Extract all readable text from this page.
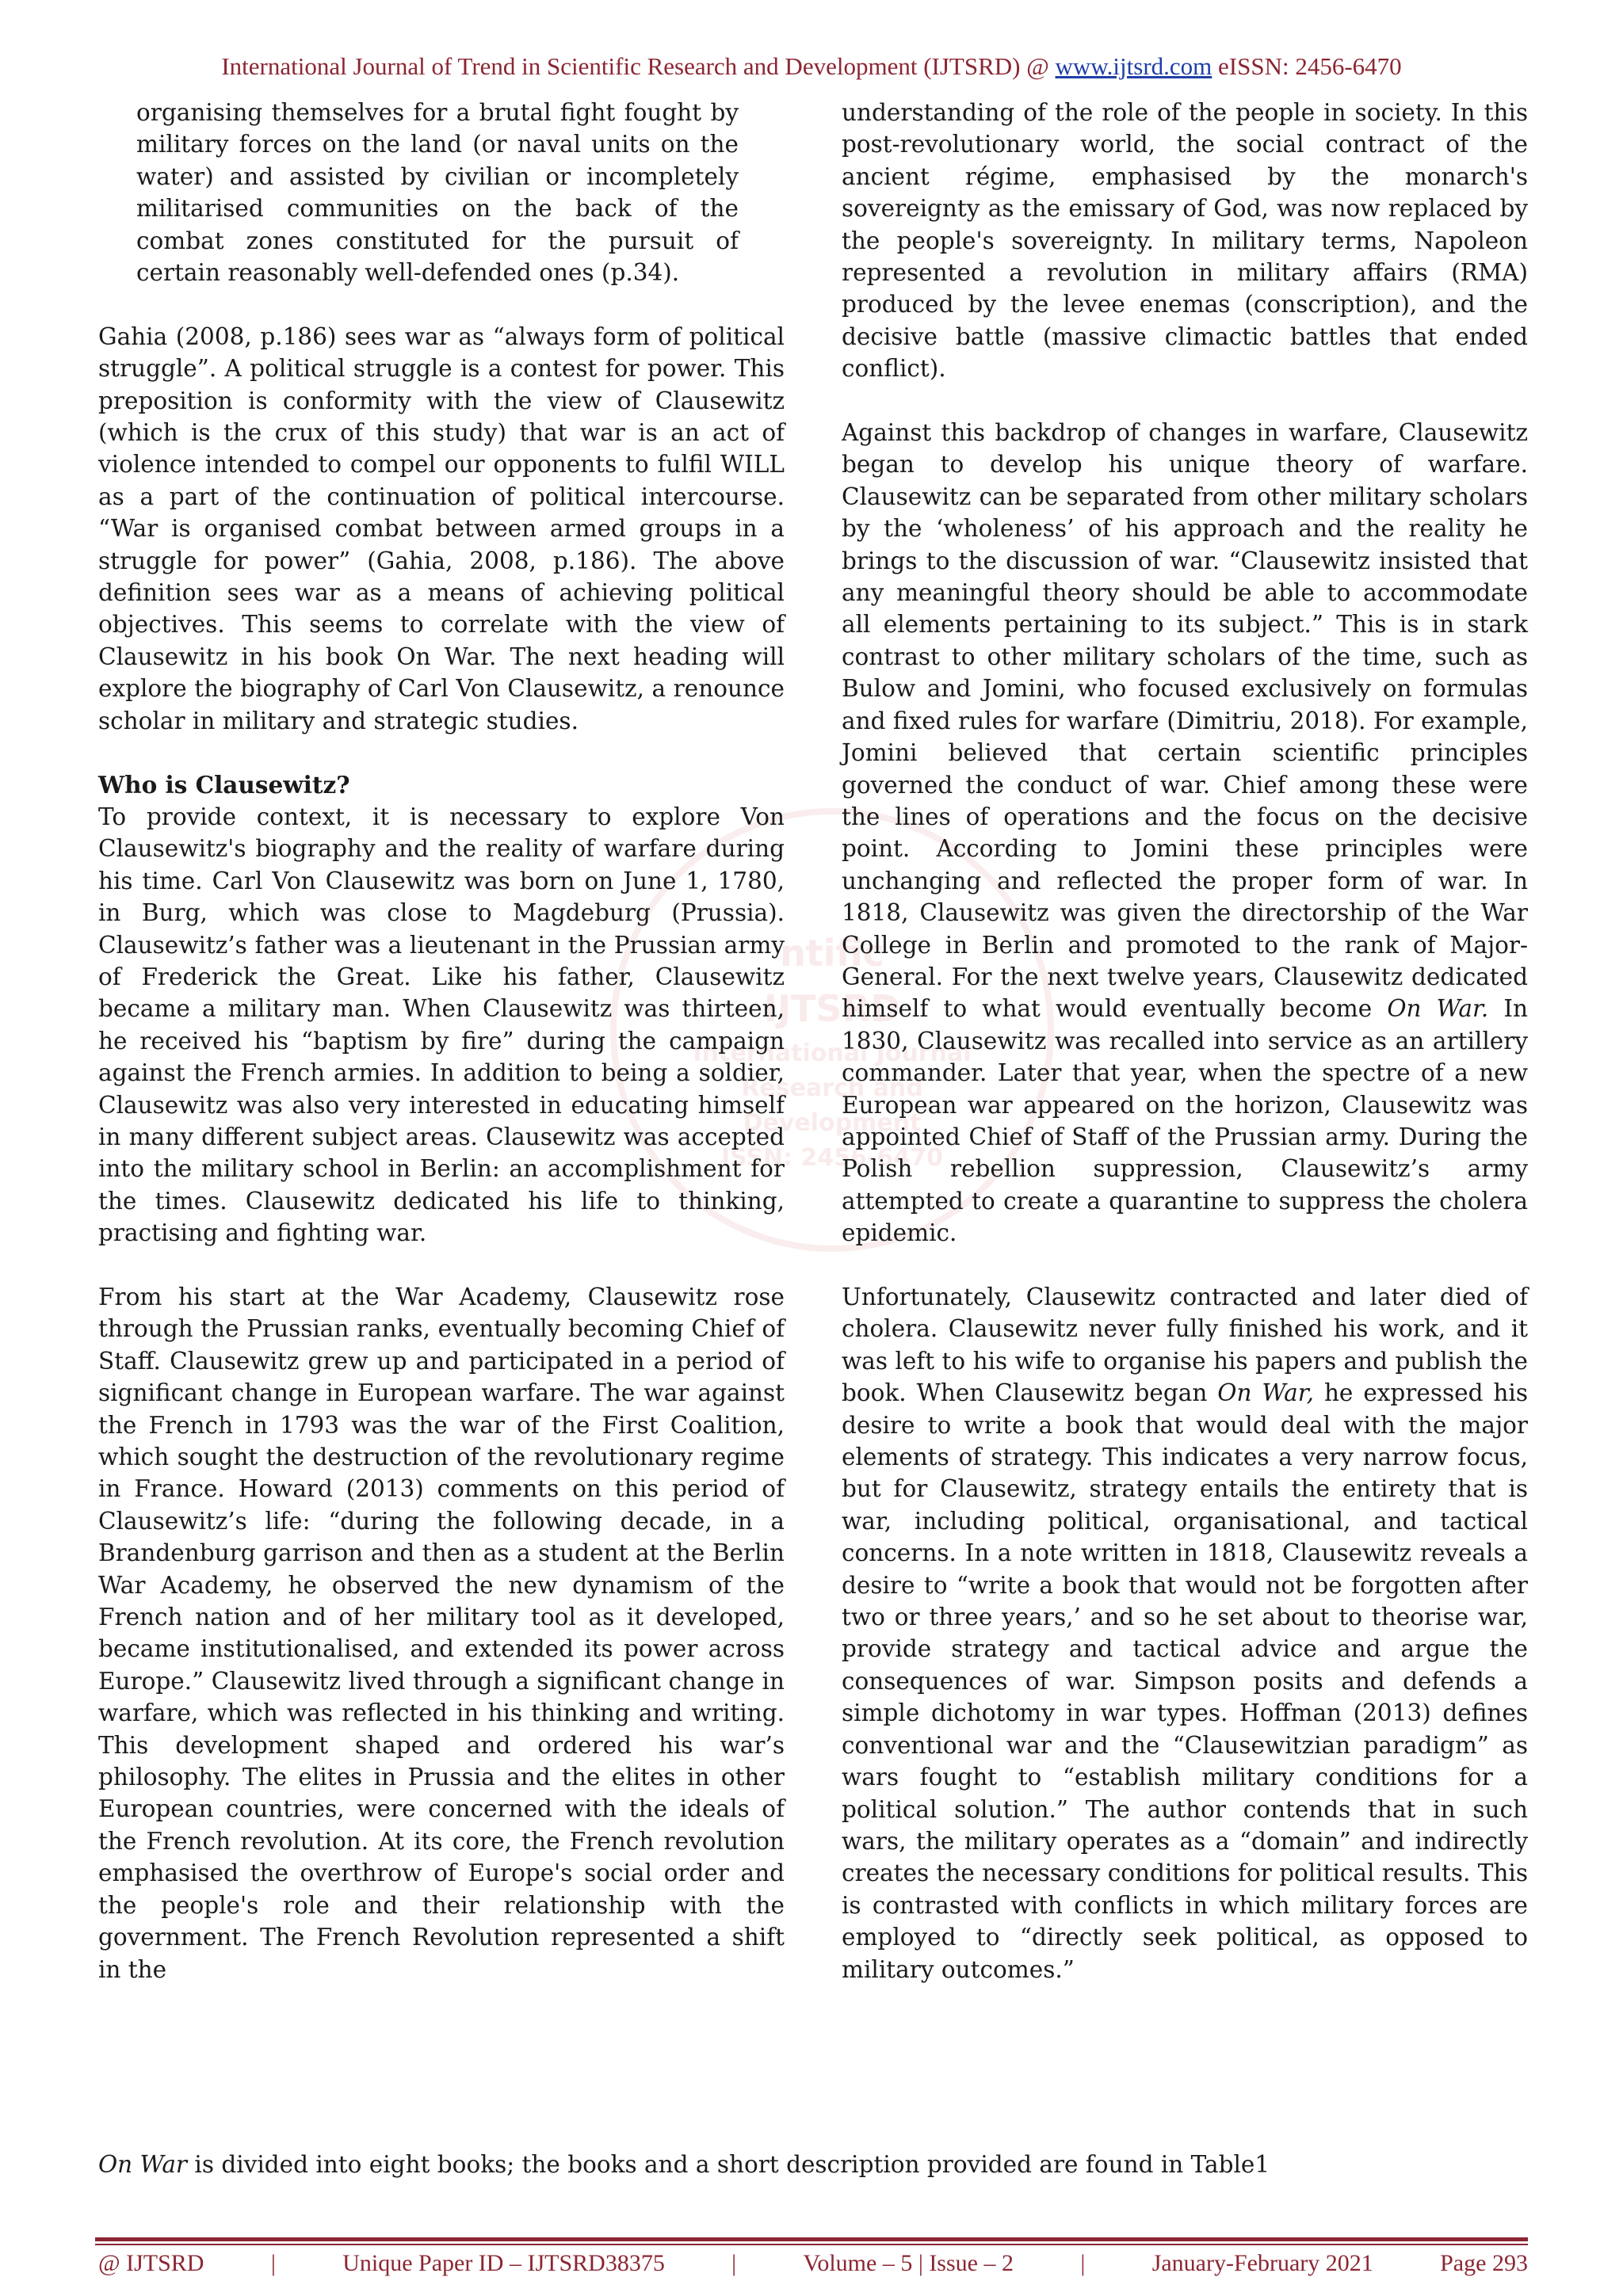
International Journal of Trend in Scientific Research and Development (IJTSRD) @ www.ijtsrd.com eISSN: 2456-6470
ntific
IJTSRD
International Journal
Research and
Development
ISSN: 2456-6470

organising themselves for a brutal fight fought by military forces on the land (or naval units on the water) and assisted by civilian or incompletely militarised communities on the back of the combat zones constituted for the pursuit of certain reasonably well-defended ones (p.34).

Gahia (2008, p.186) sees war as “always form of political struggle”. A political struggle is a contest for power. This preposition is conformity with the view of Clausewitz (which is the crux of this study) that war is an act of violence intended to compel our opponents to fulfil WILL as a part of the continuation of political intercourse. “War is organised combat between armed groups in a struggle for power” (Gahia, 2008, p.186). The above definition sees war as a means of achieving political objectives. This seems to correlate with the view of Clausewitz in his book On War. The next heading will explore the biography of Carl Von Clausewitz, a renounce scholar in military and strategic studies.

Who is Clausewitz?

To provide context, it is necessary to explore Von Clausewitz's biography and the reality of warfare during his time. Carl Von Clausewitz was born on June 1, 1780, in Burg, which was close to Magdeburg (Prussia). Clausewitz’s father was a lieutenant in the Prussian army of Frederick the Great. Like his father, Clausewitz became a military man. When Clausewitz was thirteen, he received his “baptism by fire” during the campaign against the French armies. In addition to being a soldier, Clausewitz was also very interested in educating himself in many different subject areas. Clausewitz was accepted into the military school in Berlin: an accomplishment for the times. Clausewitz dedicated his life to thinking, practising and fighting war.

From his start at the War Academy, Clausewitz rose through the Prussian ranks, eventually becoming Chief of Staff. Clausewitz grew up and participated in a period of significant change in European warfare. The war against the French in 1793 was the war of the First Coalition, which sought the destruction of the revolutionary regime in France. Howard (2013) comments on this period of Clausewitz’s life: “during the following decade, in a Brandenburg garrison and then as a student at the Berlin War Academy, he observed the new dynamism of the French nation and of her military tool as it developed, became institutionalised, and extended its power across Europe.” Clausewitz lived through a significant change in warfare, which was reflected in his thinking and writing. This development shaped and ordered his war’s philosophy. The elites in Prussia and the elites in other European countries, were concerned with the ideals of the French revolution. At its core, the French revolution emphasised the overthrow of Europe's social order and the people's role and their relationship with the government. The French Revolution represented a shift in the

understanding of the role of the people in society. In this post-revolutionary world, the social contract of the ancient régime, emphasised by the monarch's sovereignty as the emissary of God, was now replaced by the people's sovereignty. In military terms, Napoleon represented a revolution in military affairs (RMA) produced by the levee enemas (conscription), and the decisive battle (massive climactic battles that ended conflict).

Against this backdrop of changes in warfare, Clausewitz began to develop his unique theory of warfare. Clausewitz can be separated from other military scholars by the ‘wholeness’ of his approach and the reality he brings to the discussion of war. “Clausewitz insisted that any meaningful theory should be able to accommodate all elements pertaining to its subject.” This is in stark contrast to other military scholars of the time, such as Bulow and Jomini, who focused exclusively on formulas and fixed rules for warfare (Dimitriu, 2018). For example, Jomini believed that certain scientific principles governed the conduct of war. Chief among these were the lines of operations and the focus on the decisive point. According to Jomini these principles were unchanging and reflected the proper form of war. In 1818, Clausewitz was given the directorship of the War College in Berlin and promoted to the rank of Major-General. For the next twelve years, Clausewitz dedicated himself to what would eventually become On War. In 1830, Clausewitz was recalled into service as an artillery commander. Later that year, when the spectre of a new European war appeared on the horizon, Clausewitz was appointed Chief of Staff of the Prussian army. During the Polish rebellion suppression, Clausewitz’s army attempted to create a quarantine to suppress the cholera epidemic.

Unfortunately, Clausewitz contracted and later died of cholera. Clausewitz never fully finished his work, and it was left to his wife to organise his papers and publish the book. When Clausewitz began On War, he expressed his desire to write a book that would deal with the major elements of strategy. This indicates a very narrow focus, but for Clausewitz, strategy entails the entirety that is war, including political, organisational, and tactical concerns. In a note written in 1818, Clausewitz reveals a desire to “write a book that would not be forgotten after two or three years,’ and so he set about to theorise war, provide strategy and tactical advice and argue the consequences of war. Simpson posits and defends a simple dichotomy in war types. Hoffman (2013) defines conventional war and the “Clausewitzian paradigm” as wars fought to “establish military conditions for a political solution.” The author contends that in such wars, the military operates as a “domain” and indirectly creates the necessary conditions for political results. This is contrasted with conflicts in which military forces are employed to “directly seek political, as opposed to military outcomes.”

On War is divided into eight books; the books and a short description provided are found in Table1
@ IJTSRD	|	Unique Paper ID – IJTSRD38375	|	Volume – 5 | Issue – 2	|	January-February 2021	Page 293
